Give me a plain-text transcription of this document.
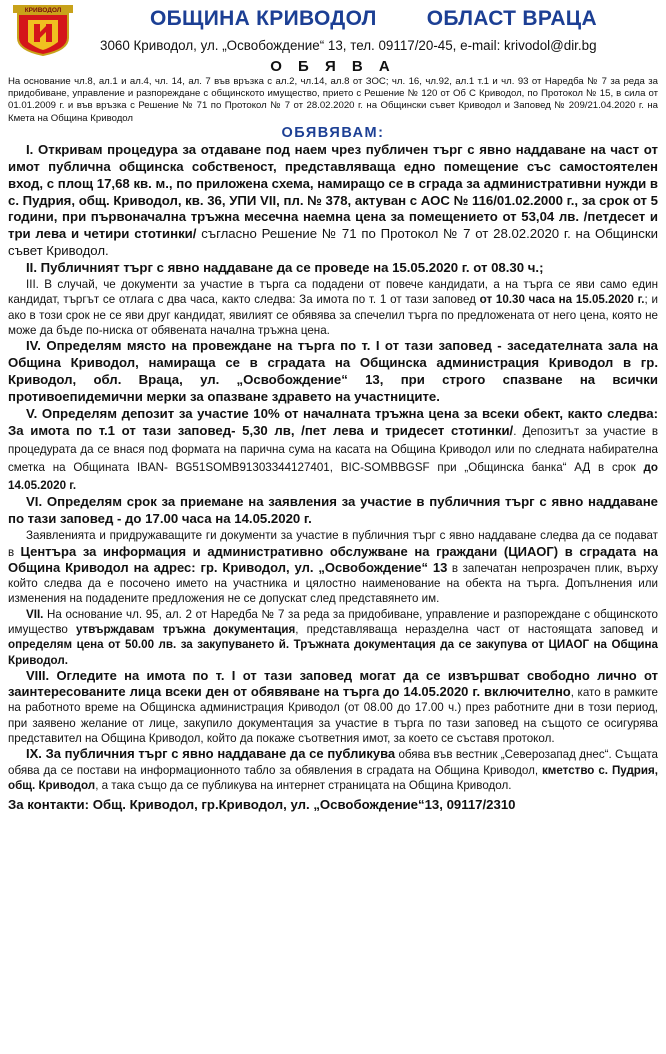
КРИВОДОЛ	ОБЩИНА КРИВОДОЛ ОБЛАСТ ВРАЦА
3060 Криводол, ул. „Освобождение“ 13, тел. 09117/20-45, e-mail: krivodol@dir.bg
О Б Я В А
На основание чл.8, ал.1 и ал.4, чл. 14, ал. 7 във връзка с ал.2, чл.14, ал.8 от ЗОС; чл. 16, чл.92, ал.1 т.1 и чл. 93 от Наредба № 7 за реда за придобиване, управление и разпореждане с общинското имущество, прието с Решение № 120 от Об С Криводол, по Протокол № 15, в сила от 01.01.2009 г. и във връзка с Решение № 71 по Протокол № 7 от 28.02.2020 г. на Общински съвет Криводол и Заповед № 209/21.04.2020 г. на Кмета на Община Криводол
ОБЯВЯВАМ:

I. Откривам процедура за отдаване под наем чрез публичен търг с явно наддаване на част от имот публична общинска собственост, представляваща едно помещение със самостоятелен вход, с площ 17,68 кв. м., по приложена схема, намиращо се в сграда за административни нужди в с. Пудрия, общ. Криводол, кв. 36, УПИ VII, пл. № 378, актуван с АОС № 116/01.02.2000 г., за срок от 5 години, при първоначална тръжна месечна наемна цена за помещението от 53,04 лв. /петдесет и три лева и четири стотинки/ съгласно Решение № 71 по Протокол № 7 от 28.02.2020 г. на Общински съвет Криводол.

II. Публичният търг с явно наддаване да се проведе на 15.05.2020 г. от 08.30 ч.;

III. В случай, че документи за участие в търга са подадени от повече кандидати, а на търга се яви само един кандидат, търгът се отлага с два часа, както следва: За имота по т. 1 от тази заповед от 10.30 часа на 15.05.2020 г.; и ако в този срок не се яви друг кандидат, явилият се обявява за спечелил търга по предложената от него цена, която не може да бъде по-ниска от обявената начална тръжна цена.

IV. Определям място на провеждане на търга по т. I от тази заповед - заседателната зала на Община Криводол, намираща се в сградата на Общинска администрация Криводол в гр. Криводол, обл. Враца, ул. „Освобождение“ 13, при строго спазване на всички противоепидемични мерки за опазване здравето на участниците.

V. Определям депозит за участие 10% от началната тръжна цена за всеки обект, както следва: За имота по т.1 от тази заповед- 5,30 лв, /пет лева и тридесет стотинки/. Депозитът за участие в процедурата да се внася под формата на парична сума на касата на Община Криводол или по следната набирателна сметка на Общината IBAN- BG51SOMB91303344127401, BIC-SOMBBGSF при „Общинска банка“ АД в срок до 14.05.2020 г.

VI. Определям срок за приемане на заявления за участие в публичния търг с явно наддаване по тази заповед - до 17.00 часа на 14.05.2020 г.

Заявленията и придружаващите ги документи за участие в публичния търг с явно наддаване следва да се подават в Центъра за информация и административно обслужване на граждани (ЦИАОГ) в сградата на Община Криводол на адрес: гр. Криводол, ул. „Освобождение“ 13 в запечатан непрозрачен плик, върху който следва да е посочено името на участника и цялостно наименование на обекта на търга. Допълнения или изменения на подадените предложения не се допускат след представянето им.

VII. На основание чл. 95, ал. 2 от Наредба № 7 за реда за придобиване, управление и разпореждане с общинското имущество утвърждавам тръжна документация, представляваща неразделна част от настоящата заповед и определям цена от 50.00 лв. за закупуването й. Тръжната документация да се закупува от ЦИАОГ на Община Криводол.

VIII. Огледите на имота по т. I от тази заповед могат да се извършват свободно лично от заинтересованите лица всеки ден от обявяване на търга до 14.05.2020 г. включително, като в рамките на работното време на Общинска администрация Криводол (от 08.00 до 17.00 ч.) през работните дни в този период, при заявено желание от лице, закупило документация за участие в търга по тази заповед на същото се осигурява представител на Община Криводол, който да покаже съответния имот, за което се съставя протокол.

IX. За публичния търг с явно наддаване да се публикува обява във вестник „Северозапад днес“. Същата обява да се постави на информационното табло за обявления в сградата на Община Криводол, кметство с. Пудрия, общ. Криводол, а така също да се публикува на интернет страницата на Община Криводол.

За контакти: Общ. Криводол, гр.Криводол, ул. „Освобождение“13, 09117/2310
